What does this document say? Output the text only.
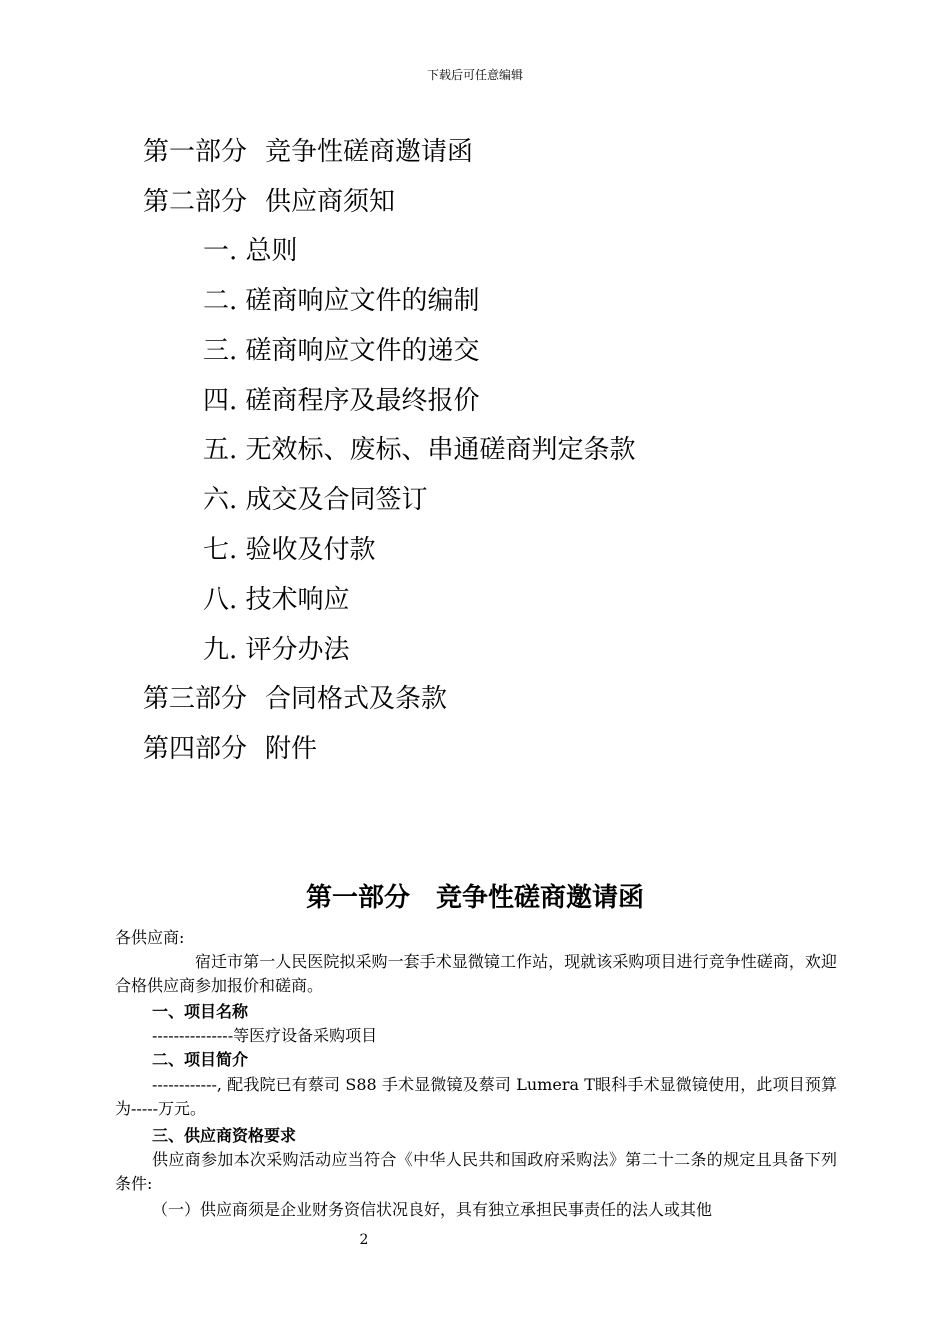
下载后可任意编辑
第一部分 竞争性磋商邀请函
第二部分 供应商须知
一. 总则
二. 磋商响应文件的编制
三. 磋商响应文件的递交
四. 磋商程序及最终报价
五. 无效标、废标、串通磋商判定条款
六. 成交及合同签订
七. 验收及付款
八. 技术响应
九. 评分办法
第三部分 合同格式及条款
第四部分 附件
第一部分　竞争性磋商邀请函
各供应商:
宿迁市第一人民医院拟采购一套手术显微镜工作站，现就该采购项目进行竞争性磋商，欢迎合格供应商参加报价和磋商。
一、项目名称
---------------等医疗设备采购项目
二、项目简介
------------, 配我院已有蔡司 S88 手术显微镜及蔡司 Lumera T眼科手术显微镜使用，此项目预算为-----万元。
三、供应商资格要求
供应商参加本次采购活动应当符合《中华人民共和国政府采购法》第二十二条的规定且具备下列条件:
（一）供应商须是企业财务资信状况良好，具有独立承担民事责任的法人或其他
2
